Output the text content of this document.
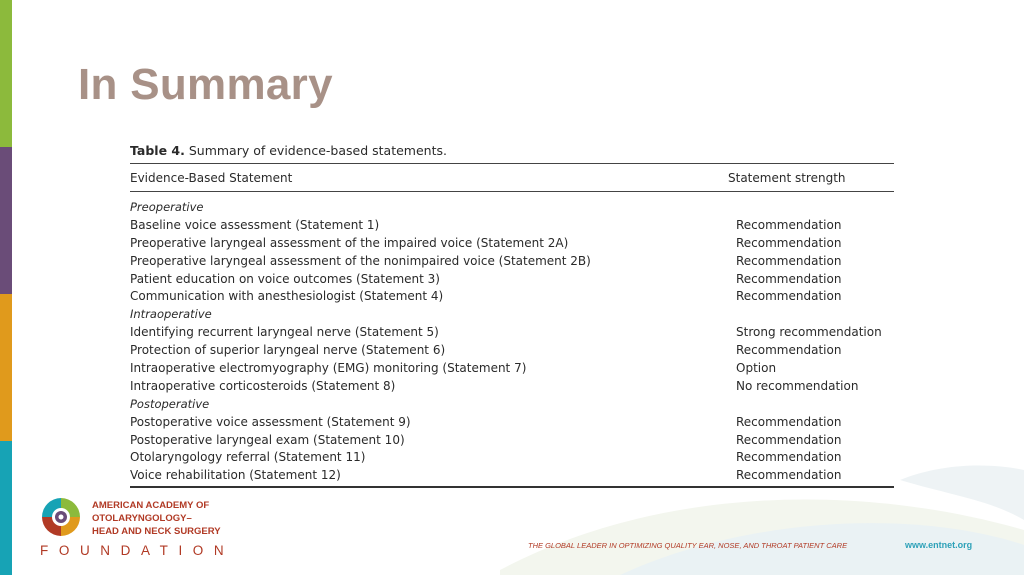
In Summary
Table 4. Summary of evidence-based statements.
Evidence-Based Statement	Statement strength
Preoperative
Baseline voice assessment (Statement 1)	Recommendation
Preoperative laryngeal assessment of the impaired voice (Statement 2A)	Recommendation
Preoperative laryngeal assessment of the nonimpaired voice (Statement 2B)	Recommendation
Patient education on voice outcomes (Statement 3)	Recommendation
Communication with anesthesiologist (Statement 4)	Recommendation
Intraoperative
Identifying recurrent laryngeal nerve (Statement 5)	Strong recommendation
Protection of superior laryngeal nerve (Statement 6)	Recommendation
Intraoperative electromyography (EMG) monitoring (Statement 7)	Option
Intraoperative corticosteroids (Statement 8)	No recommendation
Postoperative
Postoperative voice assessment (Statement 9)	Recommendation
Postoperative laryngeal exam (Statement 10)	Recommendation
Otolaryngology referral (Statement 11)	Recommendation
Voice rehabilitation (Statement 12)	Recommendation
AMERICAN ACADEMY OF
OTOLARYNGOLOGY–
HEAD AND NECK SURGERY
FOUNDATION	THE GLOBAL LEADER IN OPTIMIZING QUALITY EAR, NOSE, AND THROAT PATIENT CARE	www.entnet.org
